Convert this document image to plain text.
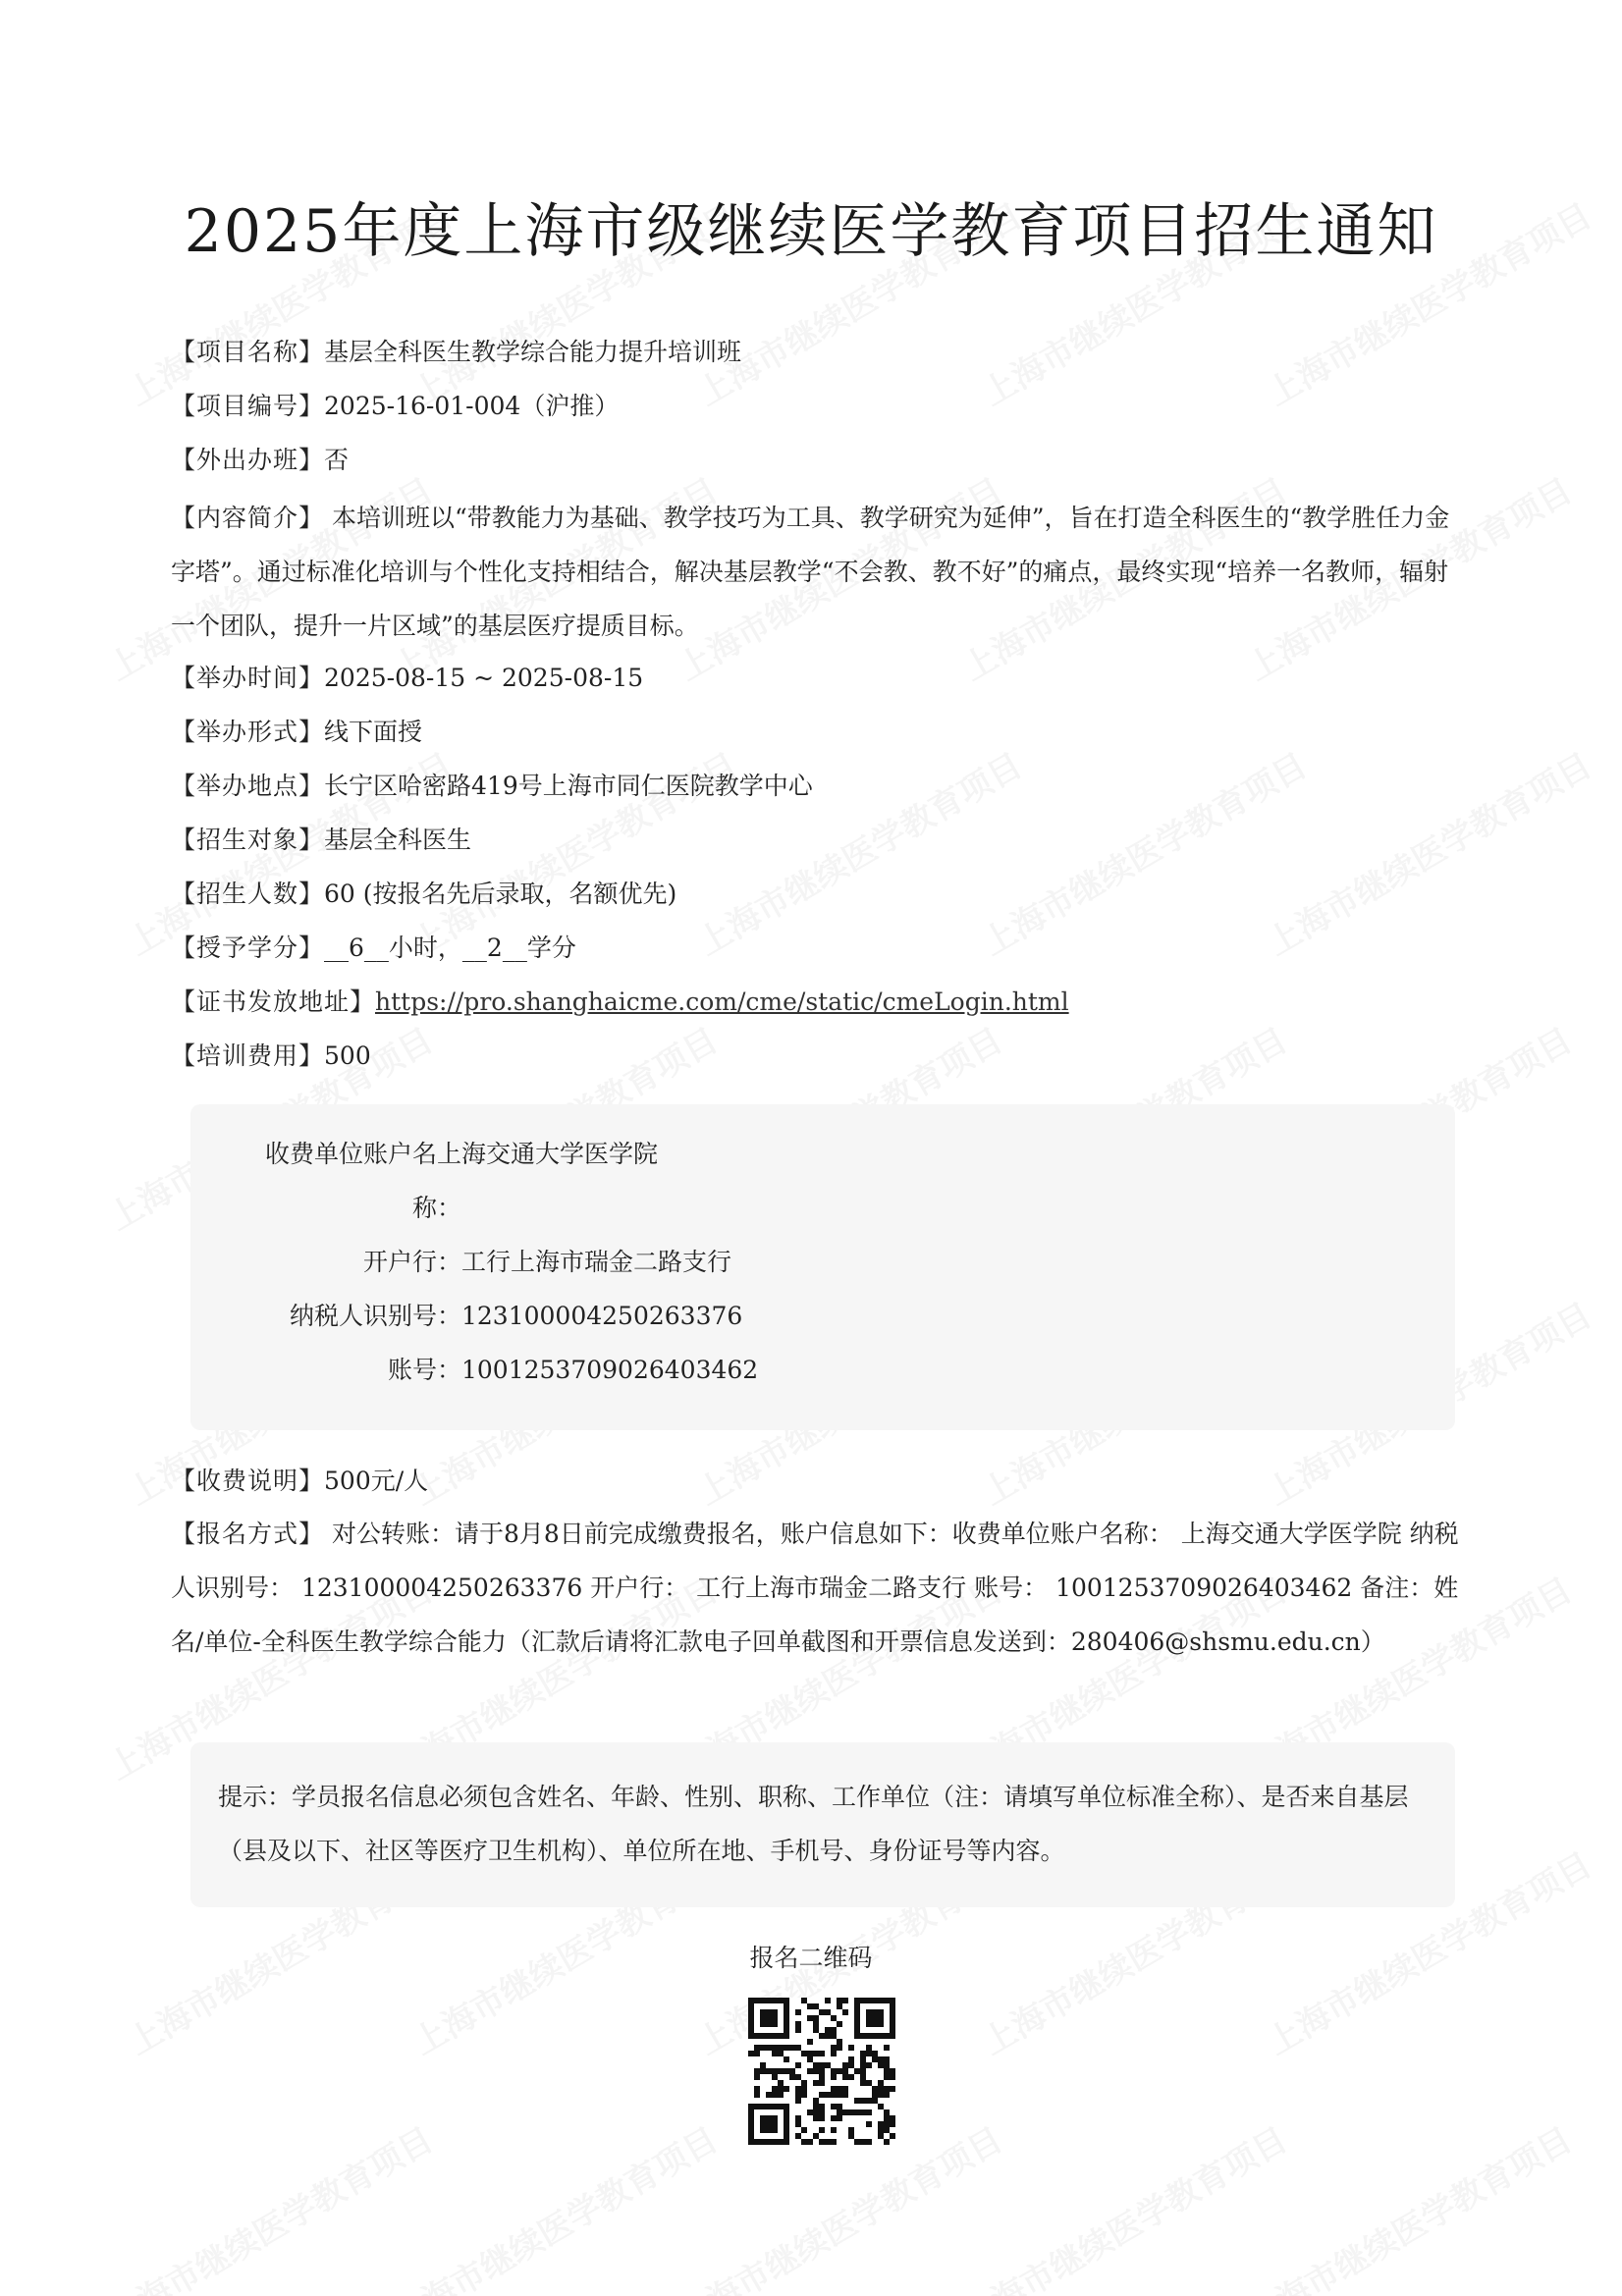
2025年度上海市级继续医学教育项目招生通知
【项目名称】基层全科医生教学综合能力提升培训班
【项目编号】2025-16-01-004（沪推）
【外出办班】否
【内容简介】 本培训班以“带教能力为基础、教学技巧为工具、教学研究为延伸”，旨在打造全科医生的“教学胜任力金字塔”。通过标准化培训与个性化支持相结合，解决基层教学“不会教、教不好”的痛点，最终实现“培养一名教师，辐射一个团队，提升一片区域”的基层医疗提质目标。
【举办时间】2025-08-15 ~ 2025-08-15
【举办形式】线下面授
【举办地点】长宁区哈密路419号上海市同仁医院教学中心
【招生对象】基层全科医生
【招生人数】60 (按报名先后录取，名额优先)
【授予学分】__6__小时，__2__学分
【证书发放地址】https://pro.shanghaicme.com/cme/static/cmeLogin.html
【培训费用】500
收费单位账户名上海交通大学医学院
称：
开户行：工行上海市瑞金二路支行
纳税人识别号：123100004250263376
账号：1001253709026403462
【收费说明】500元/人
【报名方式】 对公转账：请于8月8日前完成缴费报名，账户信息如下：收费单位账户名称： 上海交通大学医学院 纳税人识别号： 123100004250263376 开户行： 工行上海市瑞金二路支行 账号： 1001253709026403462 备注：姓名/单位-全科医生教学综合能力（汇款后请将汇款电子回单截图和开票信息发送到：280406@shsmu.edu.cn）
提示：学员报名信息必须包含姓名、年龄、性别、职称、工作单位（注：请填写单位标准全称）、是否来自基层（县及以下、社区等医疗卫生机构）、单位所在地、手机号、身份证号等内容。
报名二维码
